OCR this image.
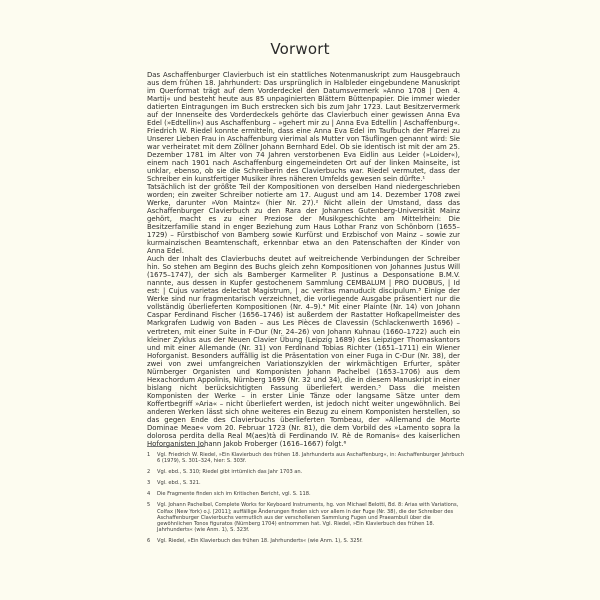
Vorwort

Das Aschaffenburger Clavierbuch ist ein stattliches Notenmanuskript zum Hausgebrauch aus dem frühen 18. Jahrhundert: Das ursprünglich in Halbleder eingebundene Manuskript im Querformat trägt auf dem Vorderdeckel den Datumsvermerk »Anno 1708 | Den 4. Martij« und besteht heute aus 85 unpaginierten Blättern Büttenpapier. Die immer wieder datierten Eintragungen im Buch erstrecken sich bis zum Jahr 1723. Laut Besitzervermerk auf der Innenseite des Vorderdeckels gehörte das Clavierbuch einer gewissen Anna Eva Edel (»Edtellin«) aus Aschaffenburg – »gehert mir zu | Anna Eva Edtellin | Aschaffenburg«. Friedrich W. Riedel konnte ermitteln, dass eine Anna Eva Edel im Taufbuch der Pfarrei zu Unserer Lieben Frau in Aschaffenburg vierimal als Mutter von Täuflingen genannt wird: Sie war verheiratet mit dem Zöllner Johann Bernhard Edel. Ob sie identisch ist mit der am 25. Dezember 1781 im Alter von 74 Jahren verstorbenen Eva Eidlin aus Leider (»Loider«), einem nach 1901 nach Aschaffenburg eingemeindeten Ort auf der linken Mainseite, ist unklar, ebenso, ob sie die Schreiberin des Clavierbuchs war. Riedel vermutet, dass der Schreiber ein kunstfertiger Musiker ihres näheren Umfelds gewesen sein dürfte.¹

Tatsächlich ist der größte Teil der Kompositionen von derselben Hand niedergeschrieben worden; ein zweiter Schreiber notierte am 17. August und am 14. Dezember 1708 zwei Werke, darunter »Von Maintz« (hier Nr. 27).² Nicht allein der Umstand, dass das Aschaffenburger Clavierbuch zu den Rara der Johannes Gutenberg-Universität Mainz gehört, macht es zu einer Preziose der Musikgeschichte am Mittelrhein: Die Besitzerfamilie stand in enger Beziehung zum Haus Lothar Franz von Schönborn (1655–1729) – Fürstbischof von Bamberg sowie Kurfürst und Erzbischof von Mainz – sowie zur kurmainzischen Beamtenschaft, erkennbar etwa an den Patenschaften der Kinder von Anna Edel.

Auch der Inhalt des Clavierbuchs deutet auf weitreichende Verbindungen der Schreiber hin. So stehen am Beginn des Buchs gleich zehn Kompositionen von Johannes Justus Will (1675–1747), der sich als Bamberger Karmeliter P. Justinus a Desponsatione B.M.V. nannte, aus dessen in Kupfer gestochenem Sammlung CEMBALUM | PRO DUOBUS, | Id est: | Cujus varietas delectat Magistrum, | ac veritas manuducit discipulum.³ Einige der Werke sind nur fragmentarisch verzeichnet, die vorliegende Ausgabe präsentiert nur die vollständig überlieferten Kompositionen (Nr. 4–9).⁴ Mit einer Plainte (Nr. 14) von Johann Caspar Ferdinand Fischer (1656–1746) ist außerdem der Rastatter Hofkapellmeister des Markgrafen Ludwig von Baden – aus Les Pièces de Clavessin (Schlackenwerth 1696) – vertreten, mit einer Suite in F-Dur (Nr. 24–26) von Johann Kuhnau (1660–1722) auch ein kleiner Zyklus aus der Neuen Clavier Übung (Leipzig 1689) des Leipziger Thomaskantors und mit einer Allemande (Nr. 31) von Ferdinand Tobias Richter (1651–1711) ein Wiener Hoforganist. Besonders auffällig ist die Präsentation von einer Fuga in C-Dur (Nr. 38), der zwei von zwei umfangreichen Variationszyklen der wirkmächtigen Erfurter, später Nürnberger Organisten und Komponisten Johann Pachelbel (1653–1706) aus dem Hexachordum Appolinis, Nürnberg 1699 (Nr. 32 und 34), die in diesem Manuskript in einer bislang nicht berücksichtigten Fassung überliefert werden.⁵ Dass die meisten Komponisten der Werke – in erster Linie Tänze oder langsame Sätze unter dem Koffertbegriff »Aria« – nicht überliefert werden, ist jedoch nicht weiter ungewöhnlich. Bei anderen Werken lässt sich ohne weiteres ein Bezug zu einem Komponisten herstellen, so das gegen Ende des Clavierbuchs überlieferten Tombeau, der »Allemand de Morte Dominae Meae« vom 20. Februar 1723 (Nr. 81), die dem Vorbild des »Lamento sopra la dolorosa perdita della Real M(aes)tà di Ferdinando IV. Rè de Romanis« des kaiserlichen Hoforganisten Johann Jakob Froberger (1616–1667) folgt.⁶

1	Vgl. Friedrich W. Riedel, »Ein Klavierbuch des frühen 18. Jahrhunderts aus Aschaffenburg«, in: Aschaffenburger Jahrbuch 6 (1979), S. 301–324, hier: S. 303f.
2	Vgl. ebd., S. 310; Riedel gibt irrtümlich das Jahr 1703 an.
3	Vgl. ebd., S. 321.
4	Die Fragmente finden sich im Kritischen Bericht, vgl. S. 118.
5	Vgl. Johann Pachelbel, Complete Works for Keyboard Instruments, hg. von Michael Belotti, Bd. 8: Arias with Variations, Colfax (New York) o.J. [2011]; auffällige Änderungen finden sich vor allem in der Fuge (Nr. 38), die der Schreiber des Aschaffenburger Clavierbuchs vermutlich aus der verschollenen Sammlung Fugen und Praeambuli über die gewöhnlichen Tonos figuratos (Nürnberg 1704) entnommen hat. Vgl. Riedel, »Ein Klavierbuch des frühen 18. Jahrhunderts« (wie Anm. 1), S. 323f.
6	Vgl. Riedel, »Ein Klavierbuch des frühen 18. Jahrhunderts« (wie Anm. 1), S. 325f.
